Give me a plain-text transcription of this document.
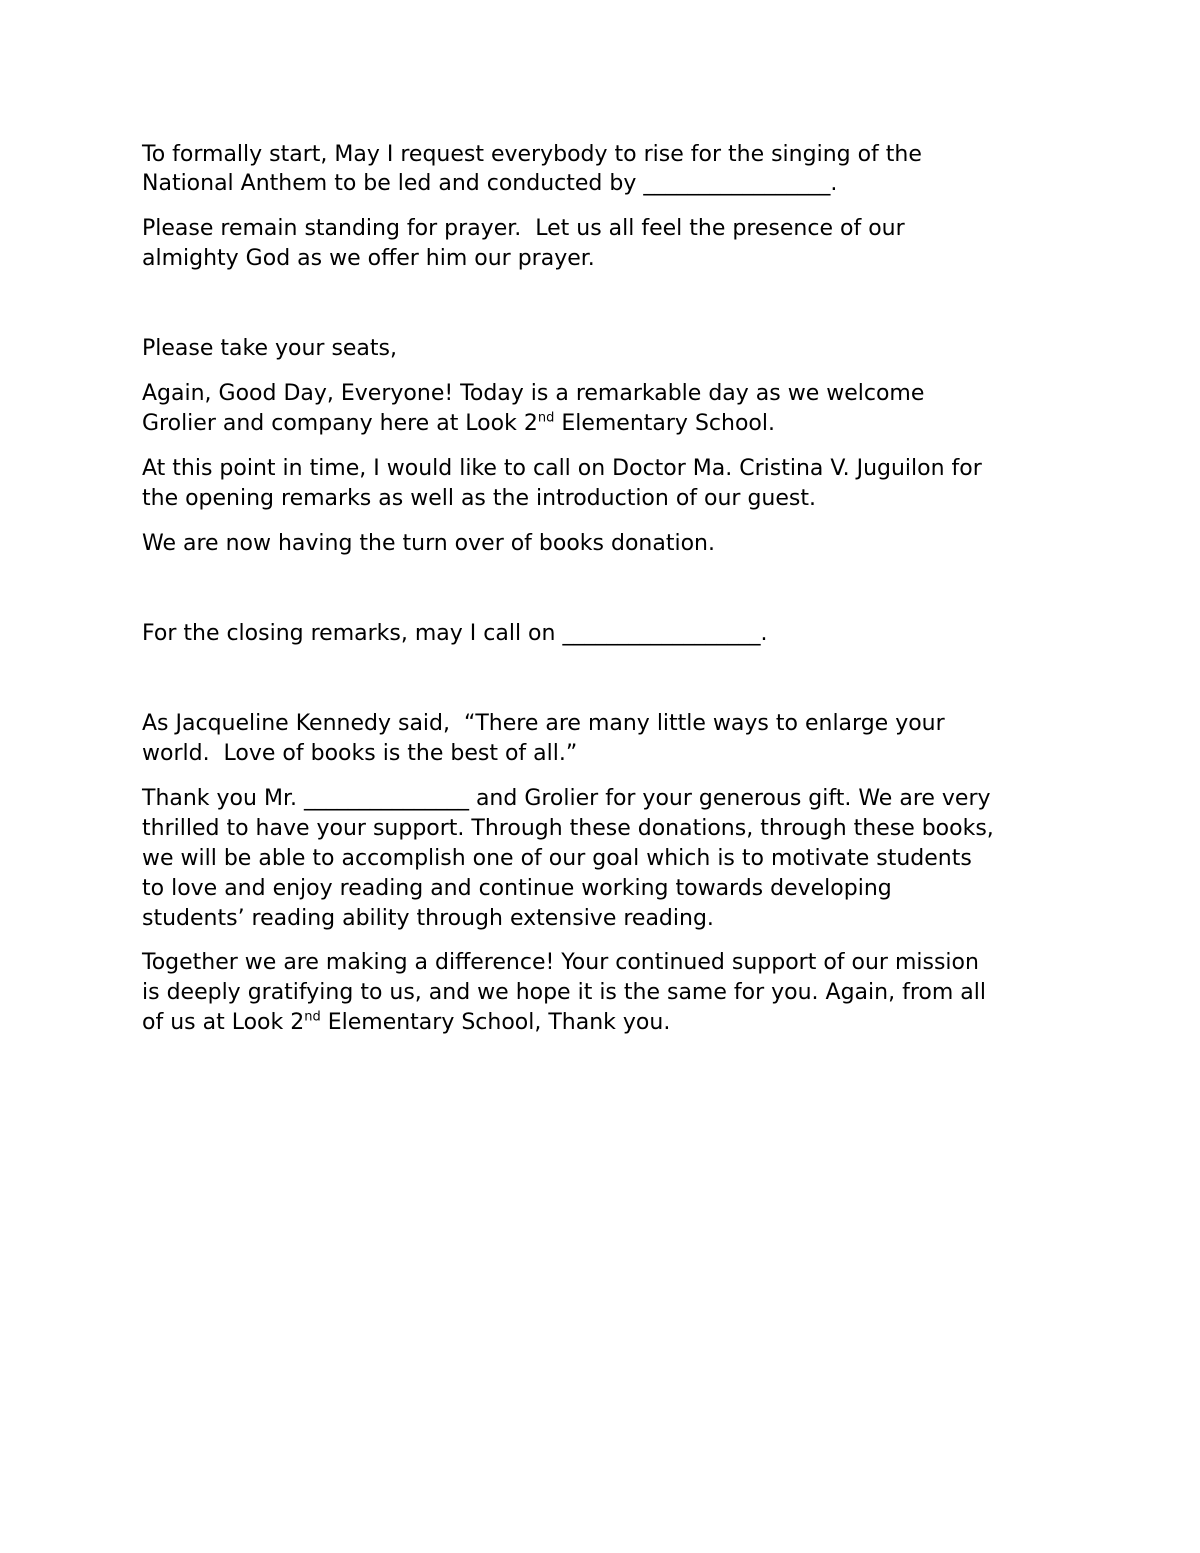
To formally start, May I request everybody to rise for the singing of the

National Anthem to be led and conducted by _________________.

Please remain standing for prayer.  Let us all feel the presence of our

almighty God as we offer him our prayer.

Please take your seats,

Again, Good Day, Everyone! Today is a remarkable day as we welcome

Grolier and company here at Look 2nd Elementary School.

At this point in time, I would like to call on Doctor Ma. Cristina V. Juguilon for

the opening remarks as well as the introduction of our guest.

We are now having the turn over of books donation.

For the closing remarks, may I call on __________________.

As Jacqueline Kennedy said,  “There are many little ways to enlarge your

world.  Love of books is the best of all.”

Thank you Mr. _______________ and Grolier for your generous gift. We are very

thrilled to have your support. Through these donations, through these books,

we will be able to accomplish one of our goal which is to motivate students

to love and enjoy reading and continue working towards developing

students’ reading ability through extensive reading.

Together we are making a difference! Your continued support of our mission

is deeply gratifying to us, and we hope it is the same for you. Again, from all

of us at Look 2nd Elementary School, Thank you.
